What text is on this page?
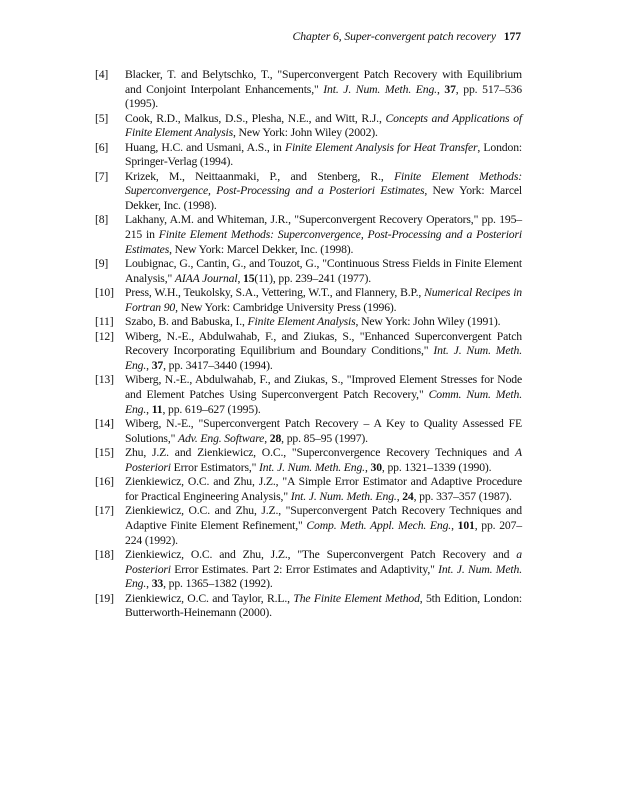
Chapter 6, Super-convergent patch recovery 177
[4]	Blacker, T. and Belytschko, T., "Superconvergent Patch Recovery with Equilibrium and Conjoint Interpolant Enhancements," Int. J. Num. Meth. Eng., 37, pp. 517–536 (1995).
[5]	Cook, R.D., Malkus, D.S., Plesha, N.E., and Witt, R.J., Concepts and Applications of Finite Element Analysis, New York: John Wiley (2002).
[6]	Huang, H.C. and Usmani, A.S., in Finite Element Analysis for Heat Transfer, London: Springer-Verlag (1994).
[7]	Krizek, M., Neittaanmaki, P., and Stenberg, R., Finite Element Methods: Superconvergence, Post-Processing and a Posteriori Estimates, New York: Marcel Dekker, Inc. (1998).
[8]	Lakhany, A.M. and Whiteman, J.R., "Superconvergent Recovery Operators," pp. 195–215 in Finite Element Methods: Superconvergence, Post-Processing and a Posteriori Estimates, New York: Marcel Dekker, Inc. (1998).
[9]	Loubignac, G., Cantin, G., and Touzot, G., "Continuous Stress Fields in Finite Element Analysis," AIAA Journal, 15(11), pp. 239–241 (1977).
[10] Press, W.H., Teukolsky, S.A., Vettering, W.T., and Flannery, B.P., Numerical Recipes in Fortran 90, New York: Cambridge University Press (1996).
[11] Szabo, B. and Babuska, I., Finite Element Analysis, New York: John Wiley (1991).
[12] Wiberg, N.-E., Abdulwahab, F., and Ziukas, S., "Enhanced Superconvergent Patch Recovery Incorporating Equilibrium and Boundary Conditions," Int. J. Num. Meth. Eng., 37, pp. 3417–3440 (1994).
[13] Wiberg, N.-E., Abdulwahab, F., and Ziukas, S., "Improved Element Stresses for Node and Element Patches Using Superconvergent Patch Recovery," Comm. Num. Meth. Eng., 11, pp. 619–627 (1995).
[14] Wiberg, N.-E., "Superconvergent Patch Recovery – A Key to Quality Assessed FE Solutions," Adv. Eng. Software, 28, pp. 85–95 (1997).
[15] Zhu, J.Z. and Zienkiewicz, O.C., "Superconvergence Recovery Techniques and A Posteriori Error Estimators," Int. J. Num. Meth. Eng., 30, pp. 1321–1339 (1990).
[16] Zienkiewicz, O.C. and Zhu, J.Z., "A Simple Error Estimator and Adaptive Procedure for Practical Engineering Analysis," Int. J. Num. Meth. Eng., 24, pp. 337–357 (1987).
[17] Zienkiewicz, O.C. and Zhu, J.Z., "Superconvergent Patch Recovery Techniques and Adaptive Finite Element Refinement," Comp. Meth. Appl. Mech. Eng., 101, pp. 207–224 (1992).
[18] Zienkiewicz, O.C. and Zhu, J.Z., "The Superconvergent Patch Recovery and a Posteriori Error Estimates. Part 2: Error Estimates and Adaptivity," Int. J. Num. Meth. Eng., 33, pp. 1365–1382 (1992).
[19] Zienkiewicz, O.C. and Taylor, R.L., The Finite Element Method, 5th Edition, London: Butterworth-Heinemann (2000).
